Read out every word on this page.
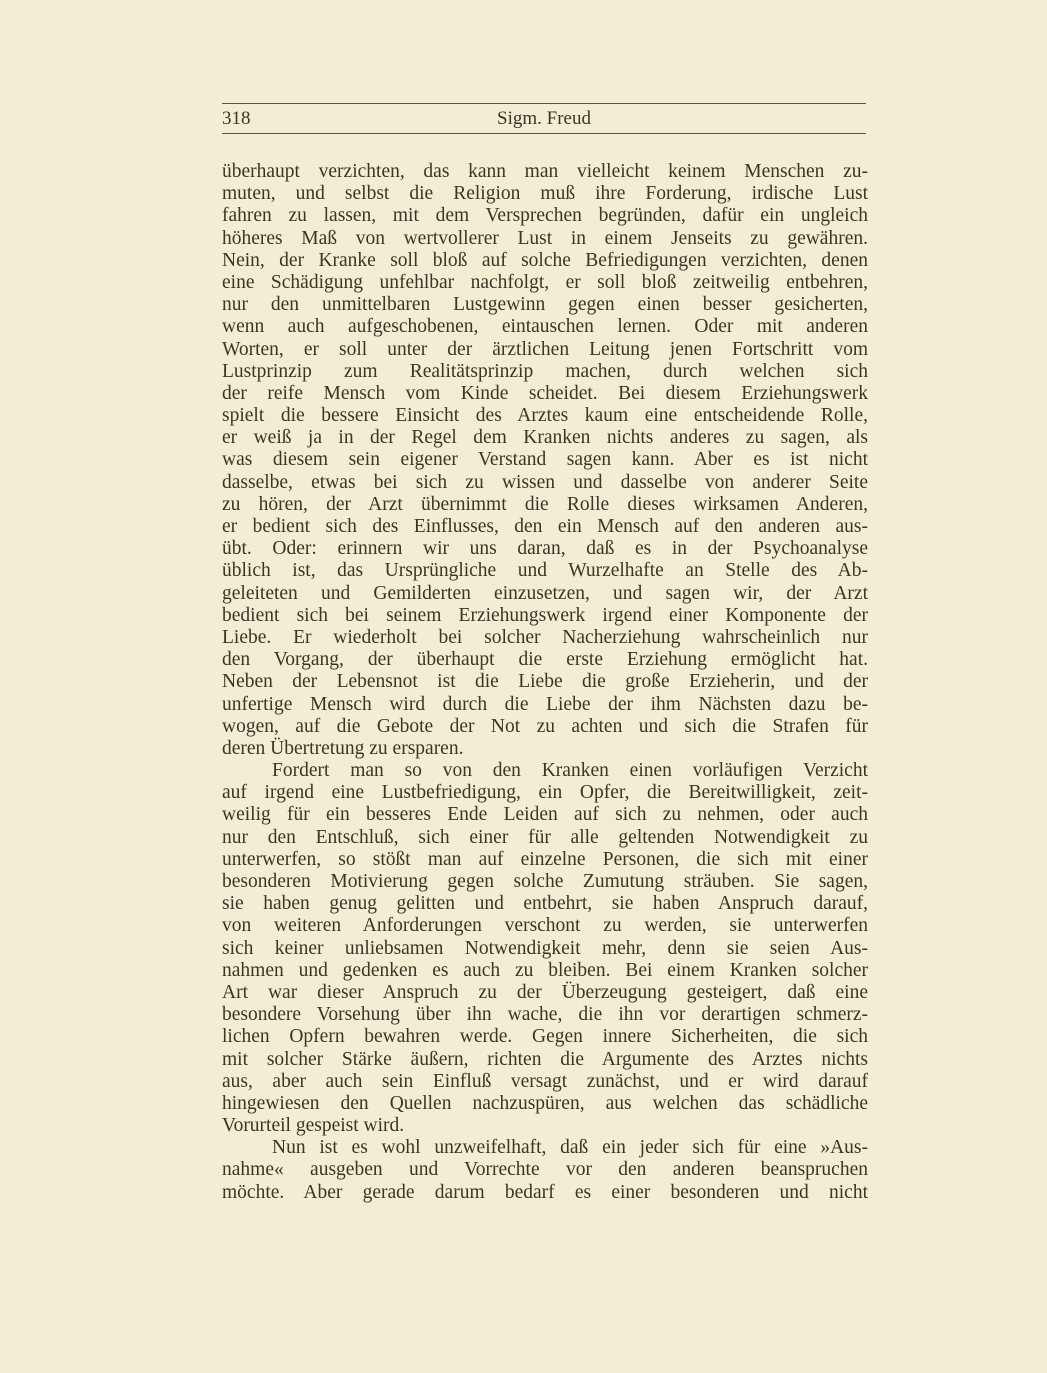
318	Sigm. Freud
überhaupt verzichten, das kann man vielleicht keinem Menschen zu-
muten, und selbst die Religion muß ihre Forderung, irdische Lust
fahren zu lassen, mit dem Versprechen begründen, dafür ein ungleich
höheres Maß von wertvollerer Lust in einem Jenseits zu gewähren.
Nein, der Kranke soll bloß auf solche Befriedigungen verzichten, denen
eine Schädigung unfehlbar nachfolgt, er soll bloß zeitweilig entbehren,
nur den unmittelbaren Lustgewinn gegen einen besser gesicherten,
wenn auch aufgeschobenen, eintauschen lernen. Oder mit anderen
Worten, er soll unter der ärztlichen Leitung jenen Fortschritt vom
Lustprinzip zum Realitätsprinzip machen, durch welchen sich
der reife Mensch vom Kinde scheidet. Bei diesem Erziehungswerk
spielt die bessere Einsicht des Arztes kaum eine entscheidende Rolle,
er weiß ja in der Regel dem Kranken nichts anderes zu sagen, als
was diesem sein eigener Verstand sagen kann. Aber es ist nicht
dasselbe, etwas bei sich zu wissen und dasselbe von anderer Seite
zu hören, der Arzt übernimmt die Rolle dieses wirksamen Anderen,
er bedient sich des Einflusses, den ein Mensch auf den anderen aus-
übt. Oder: erinnern wir uns daran, daß es in der Psychoanalyse
üblich ist, das Ursprüngliche und Wurzelhafte an Stelle des Ab-
geleiteten und Gemilderten einzusetzen, und sagen wir, der Arzt
bedient sich bei seinem Erziehungswerk irgend einer Komponente der
Liebe. Er wiederholt bei solcher Nacherziehung wahrscheinlich nur
den Vorgang, der überhaupt die erste Erziehung ermöglicht hat.
Neben der Lebensnot ist die Liebe die große Erzieherin, und der
unfertige Mensch wird durch die Liebe der ihm Nächsten dazu be-
wogen, auf die Gebote der Not zu achten und sich die Strafen für
deren Übertretung zu ersparen.
Fordert man so von den Kranken einen vorläufigen Verzicht
auf irgend eine Lustbefriedigung, ein Opfer, die Bereitwilligkeit, zeit-
weilig für ein besseres Ende Leiden auf sich zu nehmen, oder auch
nur den Entschluß, sich einer für alle geltenden Notwendigkeit zu
unterwerfen, so stößt man auf einzelne Personen, die sich mit einer
besonderen Motivierung gegen solche Zumutung sträuben. Sie sagen,
sie haben genug gelitten und entbehrt, sie haben Anspruch darauf,
von weiteren Anforderungen verschont zu werden, sie unterwerfen
sich keiner unliebsamen Notwendigkeit mehr, denn sie seien Aus-
nahmen und gedenken es auch zu bleiben. Bei einem Kranken solcher
Art war dieser Anspruch zu der Überzeugung gesteigert, daß eine
besondere Vorsehung über ihn wache, die ihn vor derartigen schmerz-
lichen Opfern bewahren werde. Gegen innere Sicherheiten, die sich
mit solcher Stärke äußern, richten die Argumente des Arztes nichts
aus, aber auch sein Einfluß versagt zunächst, und er wird darauf
hingewiesen den Quellen nachzuspüren, aus welchen das schädliche
Vorurteil gespeist wird.
Nun ist es wohl unzweifelhaft, daß ein jeder sich für eine »Aus-
nahme« ausgeben und Vorrechte vor den anderen beanspruchen
möchte. Aber gerade darum bedarf es einer besonderen und nicht
